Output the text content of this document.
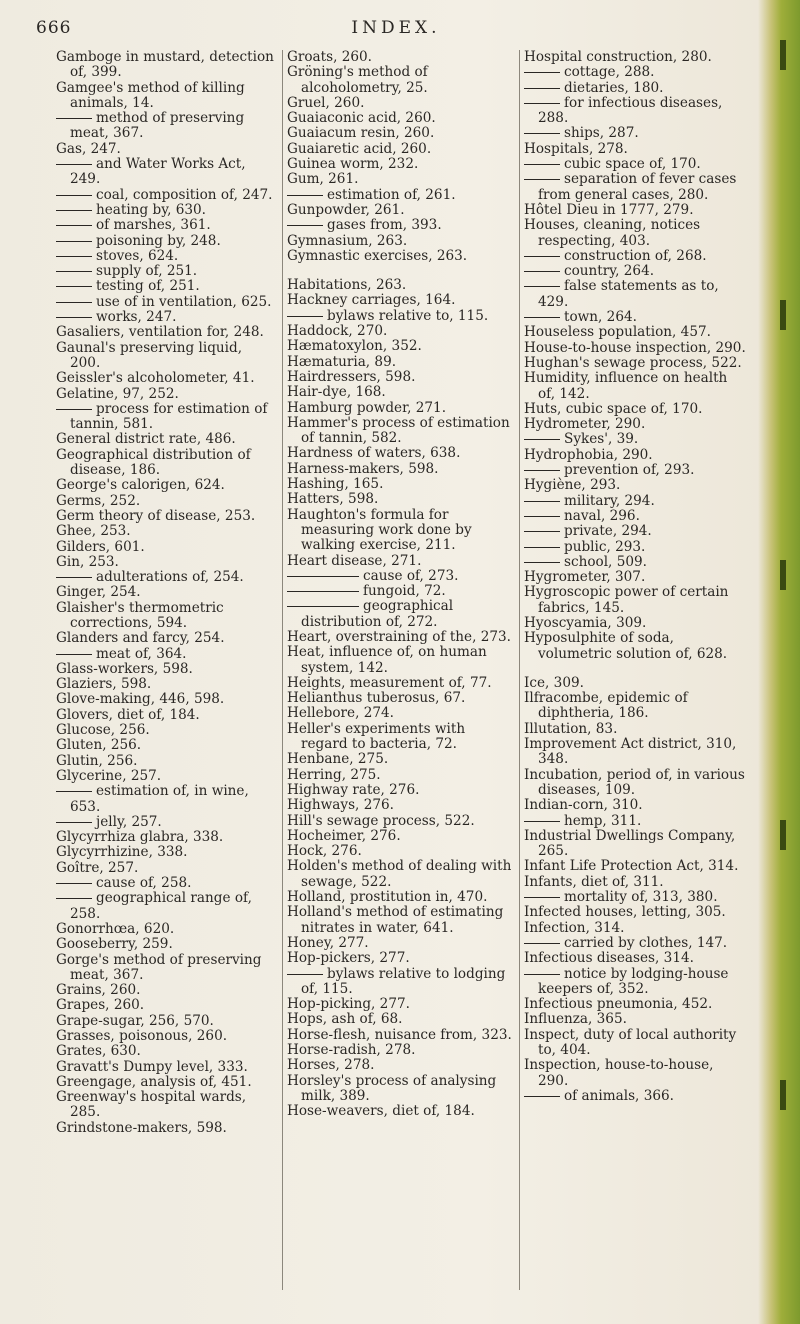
666	INDEX.

Gamboge in mustard, detection of, 399.

Gamgee's method of killing animals, 14.

method of preserving meat, 367.

Gas, 247.

and Water Works Act, 249.

coal, composition of, 247.

heating by, 630.

of marshes, 361.

poisoning by, 248.

stoves, 624.

supply of, 251.

testing of, 251.

use of in ventilation, 625.

works, 247.

Gasaliers, ventilation for, 248.

Gaunal's preserving liquid, 200.

Geissler's alcoholometer, 41.

Gelatine, 97, 252.

process for estimation of tannin, 581.

General district rate, 486.

Geographical distribution of disease, 186.

George's calorigen, 624.

Germs, 252.

Germ theory of disease, 253.

Ghee, 253.

Gilders, 601.

Gin, 253.

adulterations of, 254.

Ginger, 254.

Glaisher's thermometric corrections, 594.

Glanders and farcy, 254.

meat of, 364.

Glass-workers, 598.

Glaziers, 598.

Glove-making, 446, 598.

Glovers, diet of, 184.

Glucose, 256.

Gluten, 256.

Glutin, 256.

Glycerine, 257.

estimation of, in wine, 653.

jelly, 257.

Glycyrrhiza glabra, 338.

Glycyrrhizine, 338.

Goître, 257.

cause of, 258.

geographical range of, 258.

Gonorrhœa, 620.

Gooseberry, 259.

Gorge's method of preserving meat, 367.

Grains, 260.

Grapes, 260.

Grape-sugar, 256, 570.

Grasses, poisonous, 260.

Grates, 630.

Gravatt's Dumpy level, 333.

Greengage, analysis of, 451.

Greenway's hospital wards, 285.

Grindstone-makers, 598.

Groats, 260.

Gröning's method of alcoholometry, 25.

Gruel, 260.

Guaiaconic acid, 260.

Guaiacum resin, 260.

Guaiaretic acid, 260.

Guinea worm, 232.

Gum, 261.

estimation of, 261.

Gunpowder, 261.

gases from, 393.

Gymnasium, 263.

Gymnastic exercises, 263.

Habitations, 263.

Hackney carriages, 164.

bylaws relative to, 115.

Haddock, 270.

Hæmatoxylon, 352.

Hæmaturia, 89.

Hairdressers, 598.

Hair-dye, 168.

Hamburg powder, 271.

Hammer's process of estimation of tannin, 582.

Hardness of waters, 638.

Harness-makers, 598.

Hashing, 165.

Hatters, 598.

Haughton's formula for measuring work done by walking exercise, 211.

Heart disease, 271.

cause of, 273.

fungoid, 72.

geographical distribution of, 272.

Heart, overstraining of the, 273.

Heat, influence of, on human system, 142.

Heights, measurement of, 77.

Helianthus tuberosus, 67.

Hellebore, 274.

Heller's experiments with regard to bacteria, 72.

Henbane, 275.

Herring, 275.

Highway rate, 276.

Highways, 276.

Hill's sewage process, 522.

Hocheimer, 276.

Hock, 276.

Holden's method of dealing with sewage, 522.

Holland, prostitution in, 470.

Holland's method of estimating nitrates in water, 641.

Honey, 277.

Hop-pickers, 277.

bylaws relative to lodging of, 115.

Hop-picking, 277.

Hops, ash of, 68.

Horse-flesh, nuisance from, 323.

Horse-radish, 278.

Horses, 278.

Horsley's process of analysing milk, 389.

Hose-weavers, diet of, 184.

Hospital construction, 280.

cottage, 288.

dietaries, 180.

for infectious diseases, 288.

ships, 287.

Hospitals, 278.

cubic space of, 170.

separation of fever cases from general cases, 280.

Hôtel Dieu in 1777, 279.

Houses, cleaning, notices respecting, 403.

construction of, 268.

country, 264.

false statements as to, 429.

town, 264.

Houseless population, 457.

House-to-house inspection, 290.

Hughan's sewage process, 522.

Humidity, influence on health of, 142.

Huts, cubic space of, 170.

Hydrometer, 290.

Sykes', 39.

Hydrophobia, 290.

prevention of, 293.

Hygiène, 293.

military, 294.

naval, 296.

private, 294.

public, 293.

school, 509.

Hygrometer, 307.

Hygroscopic power of certain fabrics, 145.

Hyoscyamia, 309.

Hyposulphite of soda, volumetric solution of, 628.

Ice, 309.

Ilfracombe, epidemic of diphtheria, 186.

Illutation, 83.

Improvement Act district, 310, 348.

Incubation, period of, in various diseases, 109.

Indian-corn, 310.

hemp, 311.

Industrial Dwellings Company, 265.

Infant Life Protection Act, 314.

Infants, diet of, 311.

mortality of, 313, 380.

Infected houses, letting, 305.

Infection, 314.

carried by clothes, 147.

Infectious diseases, 314.

notice by lodging-house keepers of, 352.

Infectious pneumonia, 452.

Influenza, 365.

Inspect, duty of local authority to, 404.

Inspection, house-to-house, 290.

of animals, 366.
